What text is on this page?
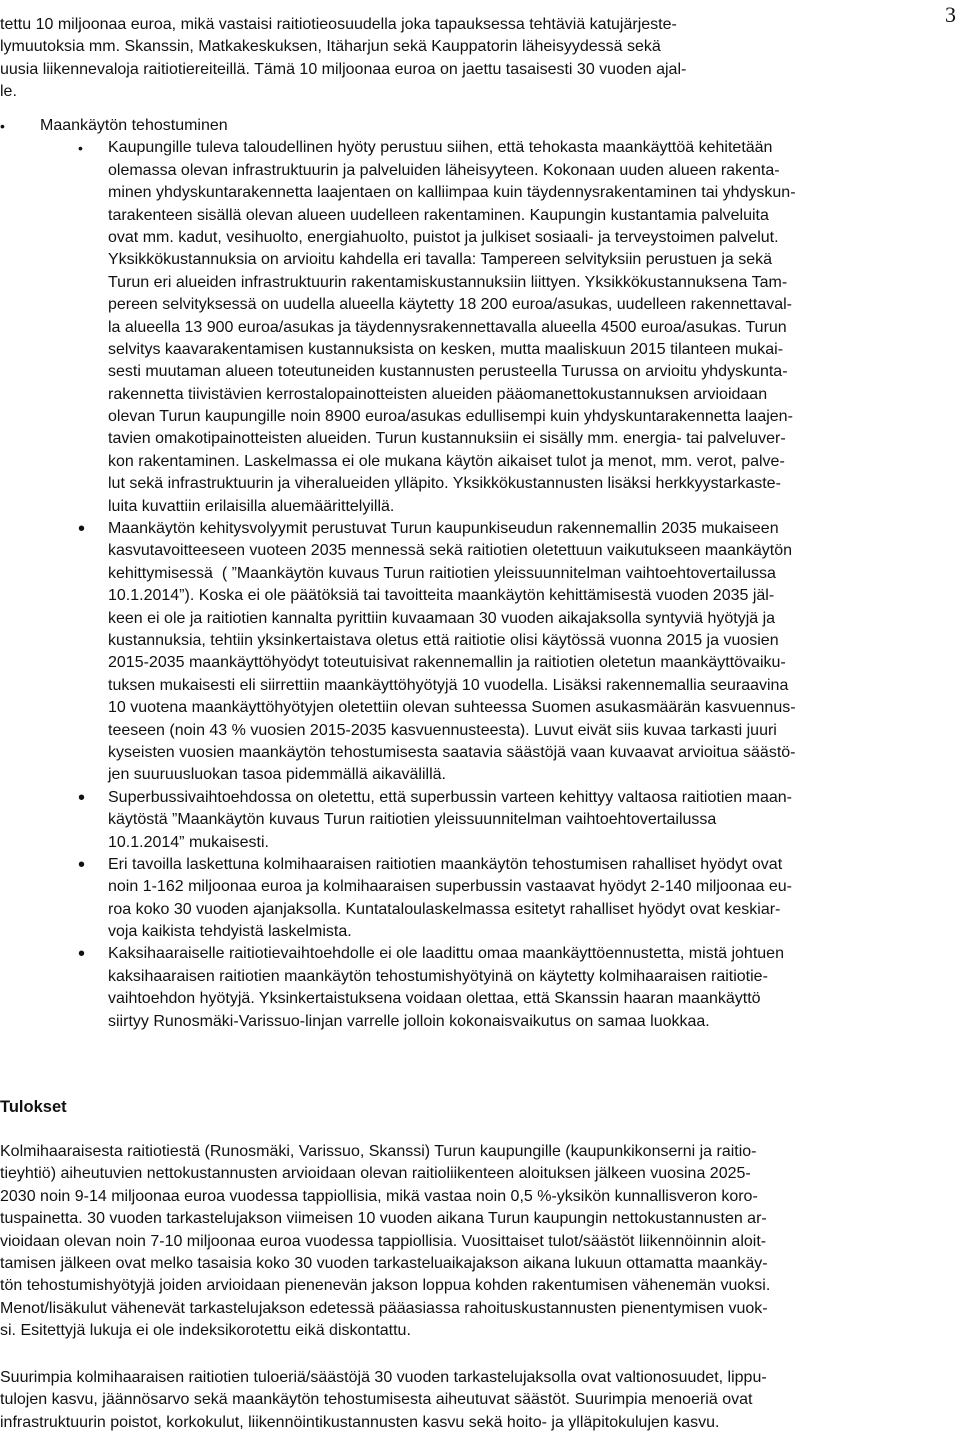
3
tettu 10 miljoonaa euroa, mikä vastaisi raitiotieosuudella joka tapauksessa tehtäviä katujärjeste-
lymuutoksia mm. Skanssin, Matkakeskuksen, Itäharjun sekä Kauppatorin läheisyydessä sekä
uusia liikennevaloja raitiotiereiteillä. Tämä 10 miljoonaa euroa on jaettu tasaisesti 30 vuoden ajal-
le.
• Maankäytön tehostuminen
• Kaupungille tuleva taloudellinen hyöty perustuu siihen, että tehokasta maankäyttöä kehitetään
olemassa olevan infrastruktuurin ja palveluiden läheisyyteen. Kokonaan uuden alueen rakenta-
minen yhdyskuntarakennetta laajentaen on kalliimpaa kuin täydennysrakentaminen tai yhdyskun-
tarakenteen sisällä olevan alueen uudelleen rakentaminen. Kaupungin kustantamia palveluita
ovat mm. kadut, vesihuolto, energiahuolto, puistot ja julkiset sosiaali- ja terveystoimen palvelut.
Yksikkökustannuksia on arvioitu kahdella eri tavalla: Tampereen selvityksiin perustuen ja sekä
Turun eri alueiden infrastruktuurin rakentamiskustannuksiin liittyen. Yksikkökustannuksena Tam-
pereen selvityksessä on uudella alueella käytetty 18 200 euroa/asukas, uudelleen rakennettaval-
la alueella 13 900 euroa/asukas ja täydennysrakennettavalla alueella 4500 euroa/asukas. Turun
selvitys kaavarakentamisen kustannuksista on kesken, mutta maaliskuun 2015 tilanteen mukai-
sesti muutaman alueen toteutuneiden kustannusten perusteella Turussa on arvioitu yhdyskunta-
rakennetta tiivistävien kerrostalopainotteisten alueiden pääomanettokustannuksen arvioidaan
olevan Turun kaupungille noin 8900 euroa/asukas edullisempi kuin yhdyskuntarakennetta laajen-
tavien omakotipainotteisten alueiden. Turun kustannuksiin ei sisälly mm. energia- tai palveluver-
kon rakentaminen. Laskelmassa ei ole mukana käytön aikaiset tulot ja menot, mm. verot, palve-
lut sekä infrastruktuurin ja viheralueiden ylläpito. Yksikkökustannusten lisäksi herkkyystarkaste-
luita kuvattiin erilaisilla aluemäärittelyillä.
• Maankäytön kehitysvolyymit perustuvat Turun kaupunkiseudun rakennemallin 2035 mukaiseen
kasvutavoitteeseen vuoteen 2035 mennessä sekä raitiotien oletettuun vaikutukseen maankäytön
kehittymisessä  ( ”Maankäytön kuvaus Turun raitiotien yleissuunnitelman vaihtoehtovertailussa
10.1.2014”). Koska ei ole päätöksiä tai tavoitteita maankäytön kehittämisestä vuoden 2035 jäl-
keen ei ole ja raitiotien kannalta pyrittiin kuvaamaan 30 vuoden aikajaksolla syntyviä hyötyjä ja
kustannuksia, tehtiin yksinkertaistava oletus että raitiotie olisi käytössä vuonna 2015 ja vuosien
2015-2035 maankäyttöhyödyt toteutuisivat rakennemallin ja raitiotien oletetun maankäyttövaiku-
tuksen mukaisesti eli siirrettiin maankäyttöhyötyjä 10 vuodella. Lisäksi rakennemallia seuraavina
10 vuotena maankäyttöhyötyjen oletettiin olevan suhteessa Suomen asukasmäärän kasvuennus-
teeseen (noin 43 % vuosien 2015-2035 kasvuennusteesta). Luvut eivät siis kuvaa tarkasti juuri
kyseisten vuosien maankäytön tehostumisesta saatavia säästöjä vaan kuvaavat arvioitua säästö-
jen suuruusluokan tasoa pidemmällä aikavälillä.
• Superbussivaihtoehdossa on oletettu, että superbussin varteen kehittyy valtaosa raitiotien maan-
käytöstä ”Maankäytön kuvaus Turun raitiotien yleissuunnitelman vaihtoehtovertailussa
10.1.2014” mukaisesti.
• Eri tavoilla laskettuna kolmihaaraisen raitiotien maankäytön tehostumisen rahalliset hyödyt ovat
noin 1-162 miljoonaa euroa ja kolmihaaraisen superbussin vastaavat hyödyt 2-140 miljoonaa eu-
roa koko 30 vuoden ajanjaksolla. Kuntataloulaskelmassa esitetyt rahalliset hyödyt ovat keskiar-
voja kaikista tehdyistä laskelmista.
• Kaksihaaraiselle raitiotievaihtoehdolle ei ole laadittu omaa maankäyttöennustetta, mistä johtuen
kaksihaaraisen raitiotien maankäytön tehostumishyötyinä on käytetty kolmihaaraisen raitiotie-
vaihtoehdon hyötyjä. Yksinkertaistuksena voidaan olettaa, että Skanssin haaran maankäyttö
siirtyy Runosmäki-Varissuo-linjan varrelle jolloin kokonaisvaikutus on samaa luokkaa.
Tulokset
Kolmihaaraisesta raitiotiestä (Runosmäki, Varissuo, Skanssi) Turun kaupungille (kaupunkikonserni ja raitio-
tieyhtiö) aiheutuvien nettokustannusten arvioidaan olevan raitioliikenteen aloituksen jälkeen vuosina 2025-
2030 noin 9-14 miljoonaa euroa vuodessa tappiollisia, mikä vastaa noin 0,5 %-yksikön kunnallisveron koro-
tuspainetta. 30 vuoden tarkastelujakson viimeisen 10 vuoden aikana Turun kaupungin nettokustannusten ar-
vioidaan olevan noin 7-10 miljoonaa euroa vuodessa tappiollisia. Vuosittaiset tulot/säästöt liikennöinnin aloit-
tamisen jälkeen ovat melko tasaisia koko 30 vuoden tarkasteluaikajakson aikana lukuun ottamatta maankäy-
tön tehostumishyötyjä joiden arvioidaan pienenevän jakson loppua kohden rakentumisen vähenemän vuoksi.
Menot/lisäkulut vähenevät tarkastelujakson edetessä pääasiassa rahoituskustannusten pienentymisen vuok-
si. Esitettyjä lukuja ei ole indeksikorotettu eikä diskontattu.
Suurimpia kolmihaaraisen raitiotien tuloeriä/säästöjä 30 vuoden tarkastelujaksolla ovat valtionosuudet, lippu-
tulojen kasvu, jäännösarvo sekä maankäytön tehostumisesta aiheutuvat säästöt. Suurimpia menoeriä ovat
infrastruktuurin poistot, korkokulut, liikennöintikustannusten kasvu sekä hoito- ja ylläpitokulujen kasvu.
